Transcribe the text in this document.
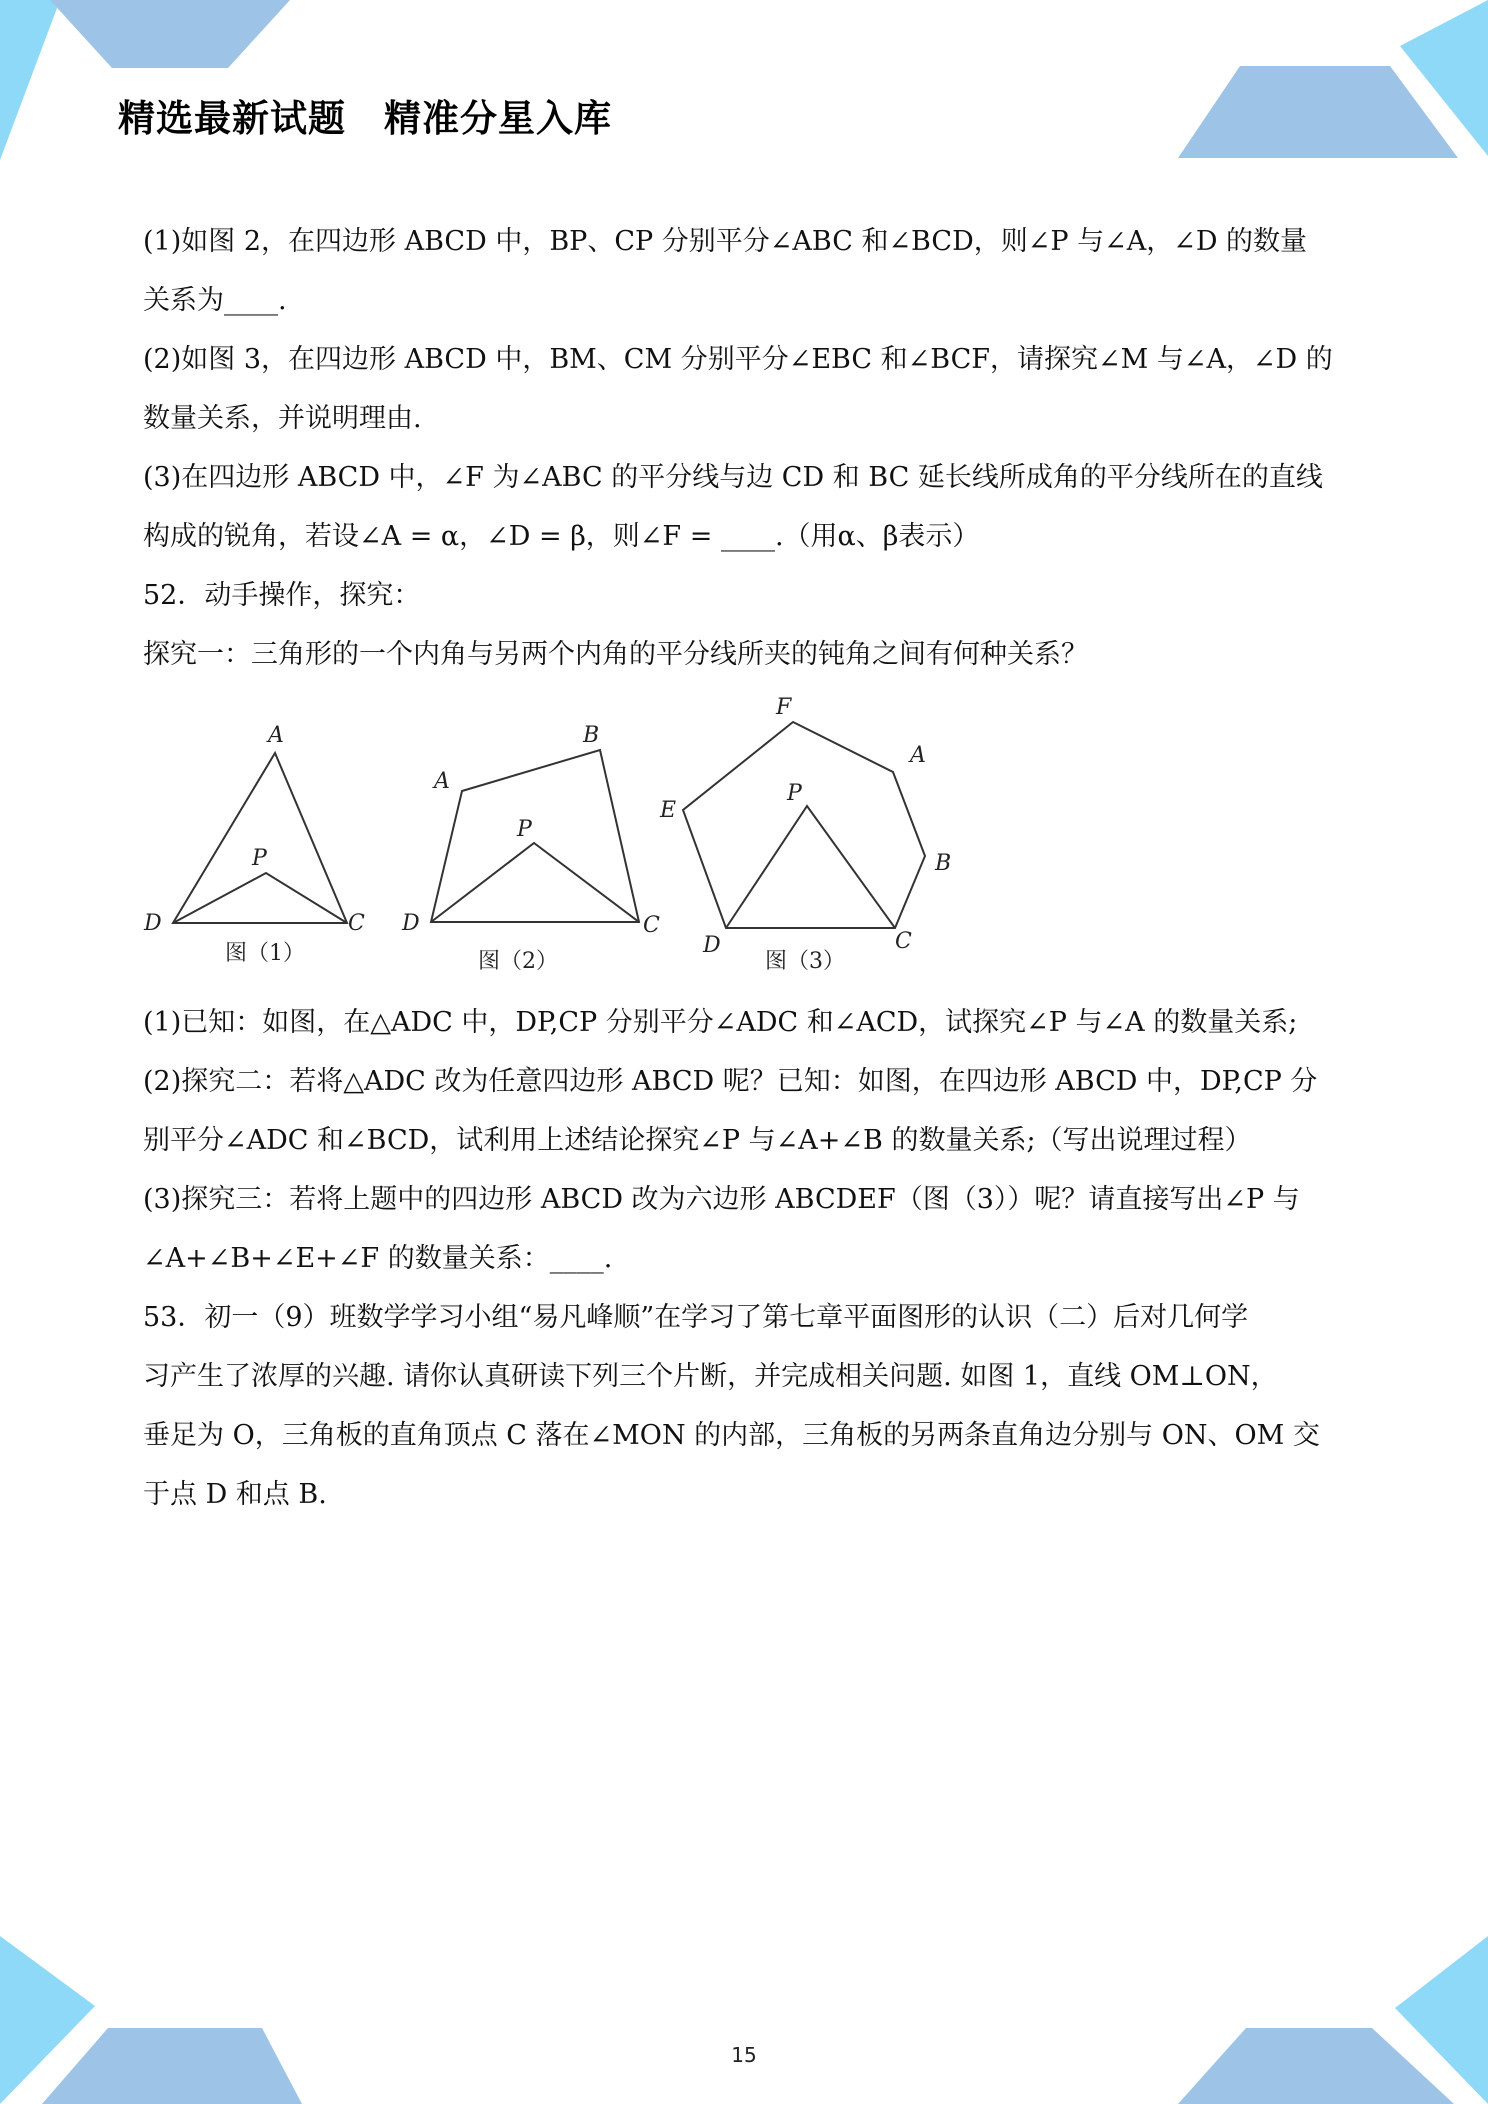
精选最新试题　精准分星入库
(1)如图 2，在四边形 ABCD 中，BP、CP 分别平分∠ABC 和∠BCD，则∠P 与∠A，∠D 的数量
关系为____.
(2)如图 3，在四边形 ABCD 中，BM、CM 分别平分∠EBC 和∠BCF，请探究∠M 与∠A，∠D 的
数量关系，并说明理由.
(3)在四边形 ABCD 中，∠F 为∠ABC 的平分线与边 CD 和 BC 延长线所成角的平分线所在的直线
构成的锐角，若设∠A = α，∠D = β，则∠F = ____.（用α、β表示）
52．动手操作，探究：
探究一：三角形的一个内角与另两个内角的平分线所夹的钝角之间有何种关系？
A
P
D	C
图（1）
A
B
P
D	C
图（2）
F
A
E
P
B
D	C
图（3）
(1)已知：如图，在△ADC 中，DP,CP 分别平分∠ADC 和∠ACD，试探究∠P 与∠A 的数量关系;
(2)探究二：若将△ADC 改为任意四边形 ABCD 呢？已知：如图，在四边形 ABCD 中，DP,CP 分
别平分∠ADC 和∠BCD，试利用上述结论探究∠P 与∠A+∠B 的数量关系;（写出说理过程）
(3)探究三：若将上题中的四边形 ABCD 改为六边形 ABCDEF（图（3））呢？请直接写出∠P 与
∠A+∠B+∠E+∠F 的数量关系：____.
53．初一（9）班数学学习小组“易凡峰顺”在学习了第七章平面图形的认识（二）后对几何学
习产生了浓厚的兴趣. 请你认真研读下列三个片断，并完成相关问题. 如图 1，直线 OM⊥ON，
垂足为 O，三角板的直角顶点 C 落在∠MON 的内部，三角板的另两条直角边分别与 ON、OM 交
于点 D 和点 B.
15
